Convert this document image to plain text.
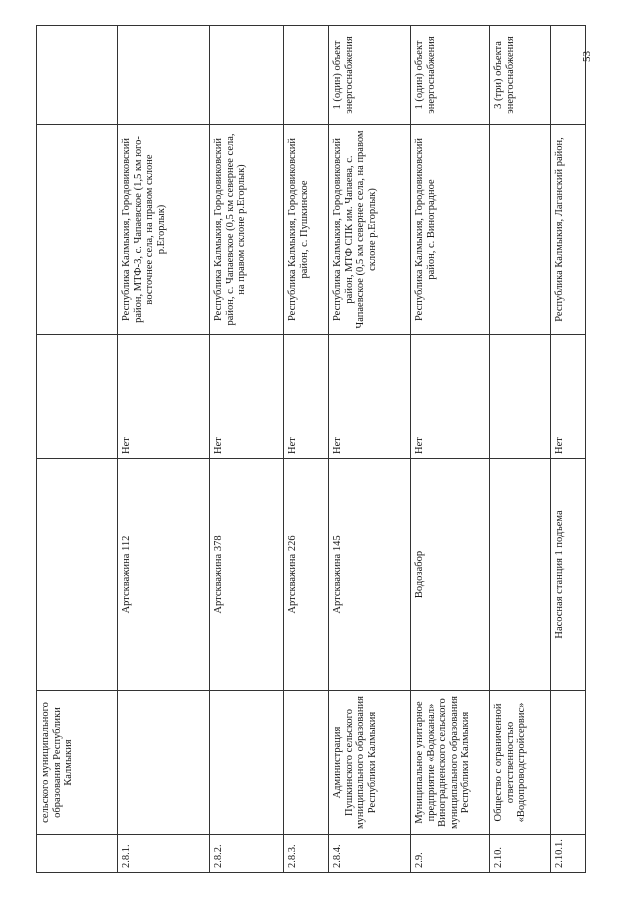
	сельского муниципального образования Республики Калмыкия				
2.8.1.		Артскважина 112	Нет	Республика Калмыкия, Городовиковский район, МТФ-3, с. Чапаевское (1,5 км юго-восточнее села, на правом склоне р.Егорлык)	
2.8.2.		Артскважина 378	Нет	Республика Калмыкия, Городовиковский район, с. Чапаевское (0,5 км севернее села, на правом склоне р.Егорлык)	
2.8.3.		Артскважина 226	Нет	Республика Калмыкия, Городовиковский район, с. Пушкинское	
2.8.4.	Администрация Пушкинского сельского муниципального образования Республики Калмыкия	Артскважина 145	Нет	Республика Калмыкия, Городовиковский район, МТФ СПК им. Чапаева, с. Чапаевское (0,5 км севернее села, на правом склоне р.Егорлык)	1 (один) объект энергоснабжения
2.9.	Муниципальное унитарное предприятие «Водоканал» Виноградненского сельского муниципального образования Республики Калмыкия	Водозабор	Нет	Республика Калмыкия, Городовиковский район, с. Виноградное	1 (один) объект энергоснабжения
2.10.	Общество с ограниченной ответственностью «Водопроводстройсервис»				3 (три) объекта энергоснабжения
2.10.1.		Насосная станция 1 подъема	Нет	Республика Калмыкия, Лаганский район,	
53
